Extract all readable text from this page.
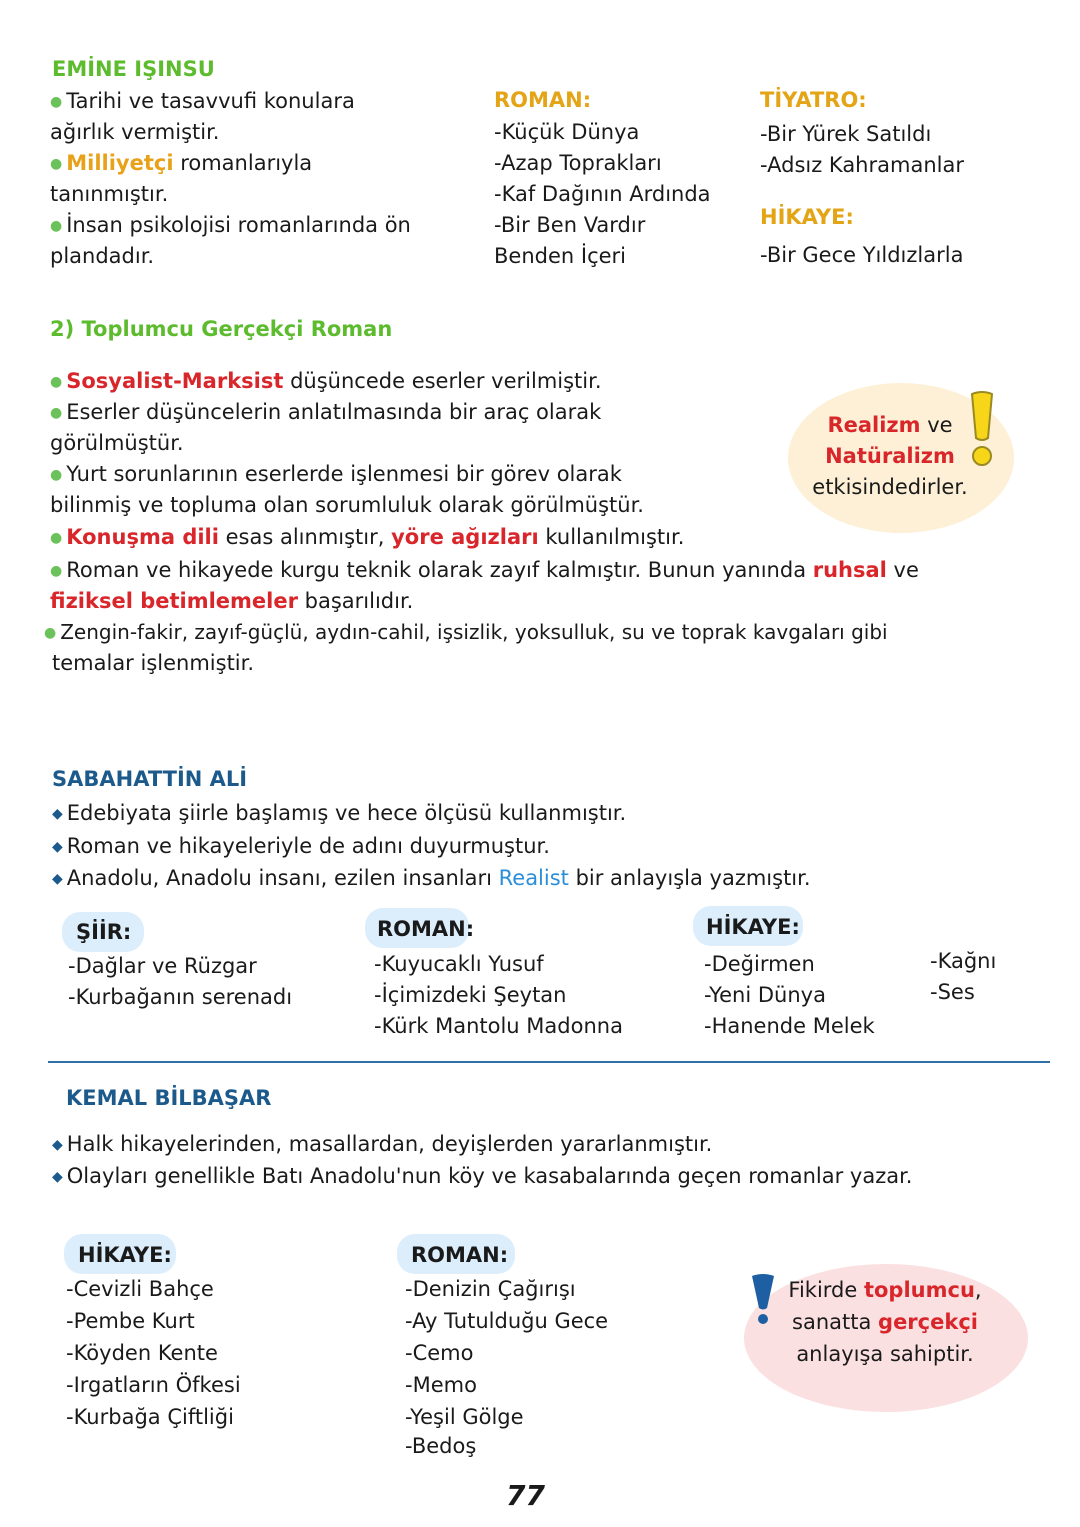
EMİNE IŞINSU
● Tarihi ve tasavvufi konulara
ağırlık vermiştir.
● Milliyetçi romanlarıyla
tanınmıştır.
● İnsan psikolojisi romanlarında ön
plandadır.
ROMAN:
-Küçük Dünya
-Azap Toprakları
-Kaf Dağının Ardında
-Bir Ben Vardır
Benden İçeri
TİYATRO:
-Bir Yürek Satıldı
-Adsız Kahramanlar
HİKAYE:
-Bir Gece Yıldızlarla
2) Toplumcu Gerçekçi Roman
Realizm ve
Natüralizm
etkisindedirler.
● Sosyalist-Marksist düşüncede eserler verilmiştir.
● Eserler düşüncelerin anlatılmasında bir araç olarak
görülmüştür.
● Yurt sorunlarının eserlerde işlenmesi bir görev olarak
bilinmiş ve topluma olan sorumluluk olarak görülmüştür.
● Konuşma dili esas alınmıştır, yöre ağızları kullanılmıştır.
● Roman ve hikayede kurgu teknik olarak zayıf kalmıştır. Bunun yanında ruhsal ve
fiziksel betimlemeler başarılıdır.
● Zengin-fakir, zayıf-güçlü, aydın-cahil, işsizlik, yoksulluk, su ve toprak kavgaları gibi
temalar işlenmiştir.
SABAHATTİN ALİ
◆ Edebiyata şiirle başlamış ve hece ölçüsü kullanmıştır.
◆ Roman ve hikayeleriyle de adını duyurmuştur.
◆ Anadolu, Anadolu insanı, ezilen insanları Realist bir anlayışla yazmıştır.
ŞİİR:
-Dağlar ve Rüzgar
-Kurbağanın serenadı
ROMAN:
-Kuyucaklı Yusuf
-İçimizdeki Şeytan
-Kürk Mantolu Madonna
HİKAYE:
-Değirmen
-Yeni Dünya
-Hanende Melek
-Kağnı
-Ses
KEMAL BİLBAŞAR
◆ Halk hikayelerinden, masallardan, deyişlerden yararlanmıştır.
◆ Olayları genellikle Batı Anadolu'nun köy ve kasabalarında geçen romanlar yazar.
HİKAYE:
-Cevizli Bahçe
-Pembe Kurt
-Köyden Kente
-Irgatların Öfkesi
-Kurbağa Çiftliği
ROMAN:
-Denizin Çağırışı
-Ay Tutulduğu Gece
-Cemo
-Memo
-Yeşil Gölge
-Bedoş
Fikirde toplumcu,
sanatta gerçekçi
anlayışa sahiptir.
77
